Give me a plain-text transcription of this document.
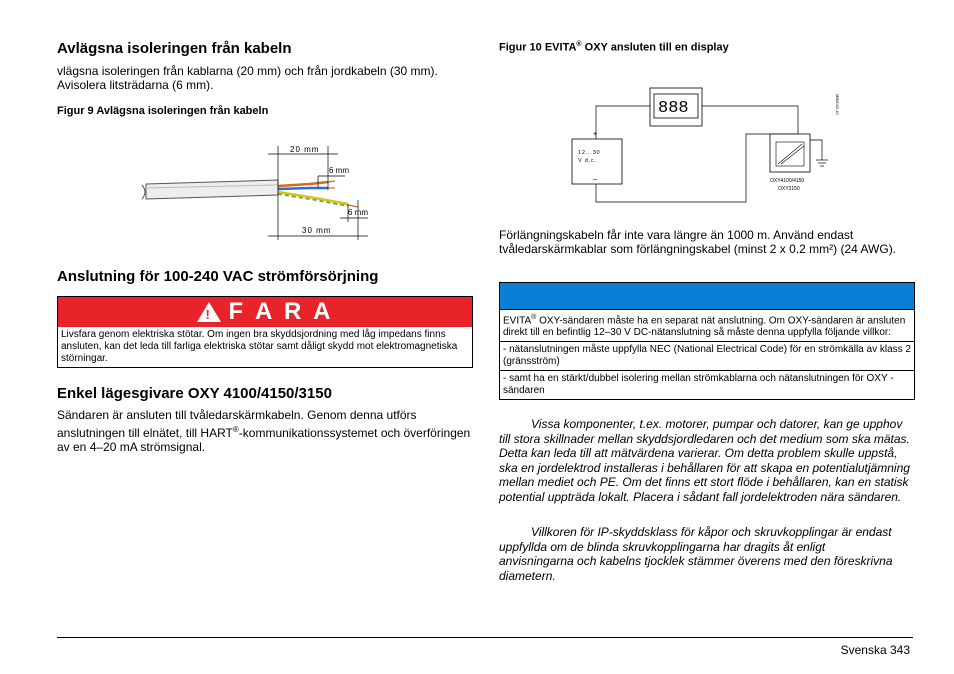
Avlägsna isoleringen från kabeln

vlägsna isoleringen från kablarna (20 mm) och från jordkabeln (30 mm). Avisolera litsträdarna (6 mm).

Figur 9 Avlägsna isoleringen från kabeln
20 mm
6 mm
6 mm
30 mm
Anslutning för 100-240 VAC strömförsörjning
! F A R A
Livsfara genom elektriska stötar. Om ingen bra skyddsjordning med låg impedans finns ansluten, kan det leda till farliga elektriska stötar samt dåligt skydd mot elektromagnetiska störningar.
Enkel lägesgivare OXY 4100/4150/3150

Sändaren är ansluten till tvåledarskärmkabeln. Genom denna utförs anslutningen till elnätet, till HART®-kommunikationssystemet och överföringen av en 4–20 mA strömsignal.

Figur 10 EVITA® OXY ansluten till en display
888
+
–
12...30
V d.c.
OXY4100/4150
OXY3150
MB0043-10

Förlängningskabeln får inte vara längre än 1000 m. Använd endast tvåledarskärmkablar som förlängningskabel (minst 2 x 0.2 mm²) (24 AWG).

EVITA® OXY-sändaren måste ha en separat nät anslutning. Om OXY-sändaren är ansluten direkt till en befintlig 12–30 V DC-nätanslutning så måste denna uppfylla följande villkor:
- nätanslutningen måste uppfylla NEC (National Electrical Code) för en strömkälla av klass 2 (gränsström)
- samt ha en stärkt/dubbel isolering mellan strömkablarna och nätanslutningen för OXY -sändaren

Vissa komponenter, t.ex. motorer, pumpar och datorer, kan ge upphov till stora skillnader mellan skyddsjordledaren och det medium som ska mätas. Detta kan leda till att mätvärdena varierar. Om detta problem skulle uppstå, ska en jordelektrod installeras i behållaren för att skapa en potentialutjämning mellan mediet och PE. Om det finns ett stort flöde i behållaren, kan en statisk potential uppträda lokalt. Placera i sådant fall jordelektroden nära sändaren.

Villkoren för IP-skyddsklass för kåpor och skruvkopplingar är endast uppfyllda om de blinda skruvkopplingarna har dragits åt enligt anvisningarna och kabelns tjocklek stämmer överens med den föreskrivna diametern.

Svenska 343
